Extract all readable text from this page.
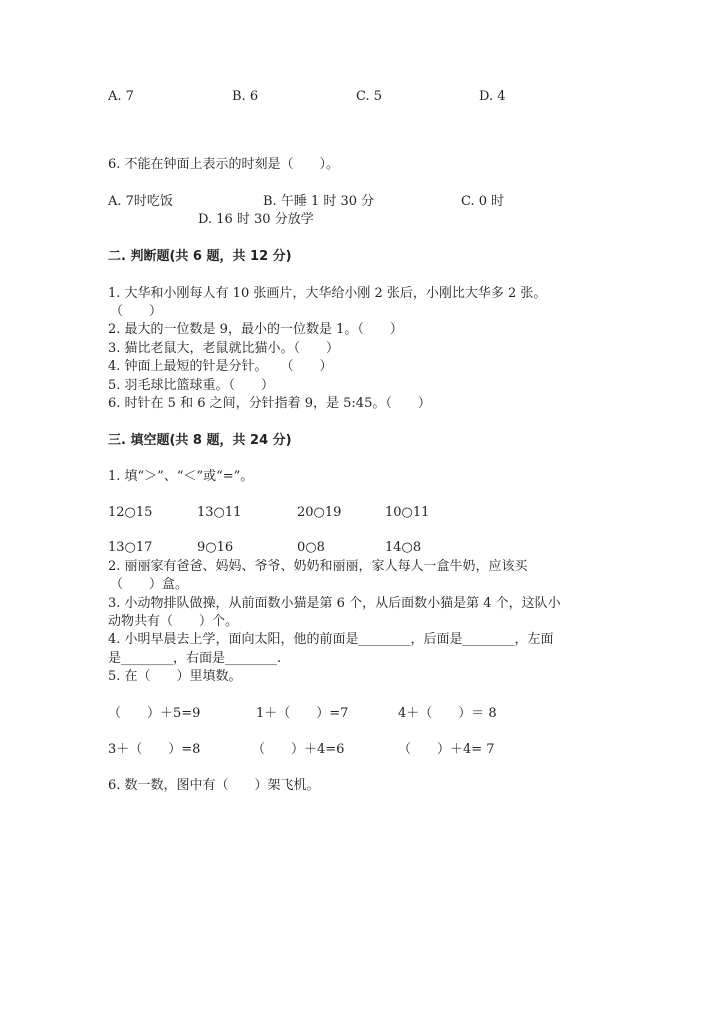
A. 7	B. 6	C. 5	D. 4
6. 不能在钟面上表示的时刻是（　　）。
A. 7时吃饭	B. 午睡 1 时 30 分	C. 0 时
D. 16 时 30 分放学
二. 判断题(共 6 题，共 12 分)
1. 大华和小刚每人有 10 张画片，大华给小刚 2 张后，小刚比大华多 2 张。
（　　）
2. 最大的一位数是 9，最小的一位数是 1。（　　）
3. 猫比老鼠大，老鼠就比猫小。（　　）
4. 钟面上最短的针是分针。　　（　　）
5. 羽毛球比篮球重。（　　）
6. 时针在 5 和 6 之间，分针指着 9，是 5:45。（　　）
三. 填空题(共 8 题，共 24 分)
1. 填“＞”、“＜”或“=”。
12○15	13○11	20○19	10○11
13○17	9○16	0○8	14○8
2. 丽丽家有爸爸、妈妈、爷爷、奶奶和丽丽，家人每人一盒牛奶，应该买
（　　）盒。
3. 小动物排队做操，从前面数小猫是第 6 个，从后面数小猫是第 4 个，这队小
动物共有（　　）个。
4. 小明早晨去上学，面向太阳，他的前面是________，后面是________，左面
是________，右面是________.
5. 在（　　）里填数。
（　　）＋5=9	1＋（　　）=7	4＋（　　）＝ 8
3＋（　　）=8	（　　）＋4=6	（　　）＋4= 7
6. 数一数，图中有（　　）架飞机。
